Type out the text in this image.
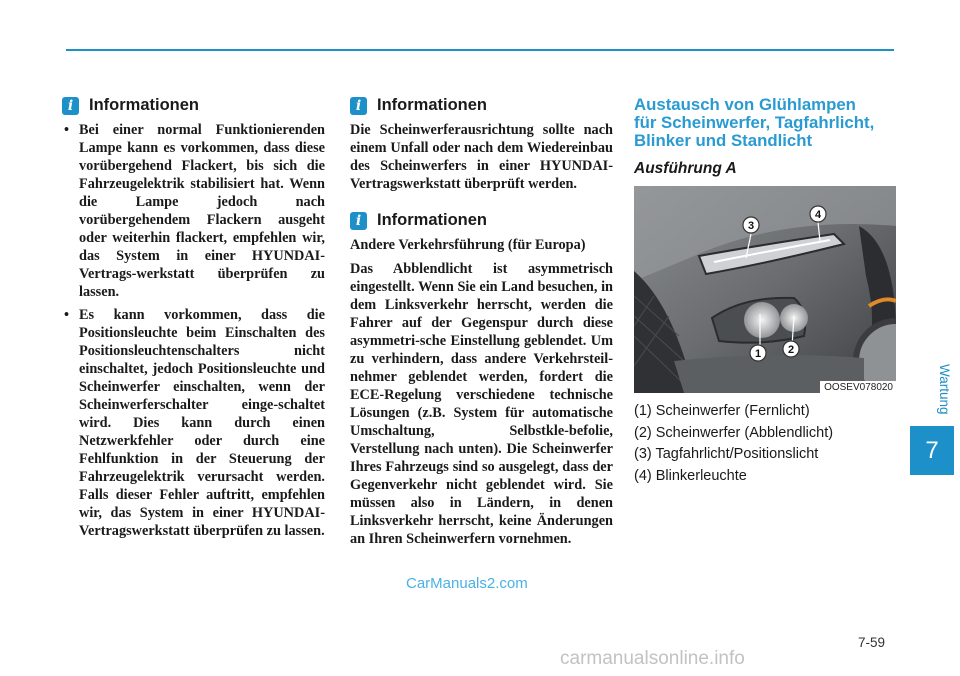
i Informationen
• Bei einer normal Funktionierenden Lampe kann es vorkommen, dass diese vorübergehend Flackert, bis sich die Fahrzeugelektrik stabilisiert hat. Wenn die Lampe jedoch nach vorübergehendem Flackern ausgeht oder weiterhin flackert, empfehlen wir, das System in einer HYUNDAI-Vertrags-werkstatt überprüfen zu lassen.
• Es kann vorkommen, dass die Positionsleuchte beim Einschalten des Positionsleuchtenschalters nicht einschaltet, jedoch Positionsleuchte und Scheinwerfer einschalten, wenn der Scheinwerferschalter einge-schaltet wird. Dies kann durch einen Netzwerkfehler oder durch eine Fehlfunktion in der Steuerung der Fahrzeugelektrik verursacht werden. Falls dieser Fehler auftritt, empfehlen wir, das System in einer HYUNDAI-Vertragswerkstatt überprüfen zu lassen.
i Informationen

Die Scheinwerferausrichtung sollte nach einem Unfall oder nach dem Wiedereinbau des Scheinwerfers in einer HYUNDAI-Vertragswerkstatt überprüft werden.

i Informationen

Andere Verkehrsführung (für Europa)

Das Abblendlicht ist asymmetrisch eingestellt. Wenn Sie ein Land besuchen, in dem Linksverkehr herrscht, werden die Fahrer auf der Gegenspur durch diese asymmetri-sche Einstellung geblendet. Um zu verhindern, dass andere Verkehrsteil-nehmer geblendet werden, fordert die ECE-Regelung verschiedene technische Lösungen (z.B. System für automatische Umschaltung, Selbstkle-befolie, Verstellung nach unten). Die Scheinwerfer Ihres Fahrzeugs sind so ausgelegt, dass der Gegenverkehr nicht geblendet wird. Sie müssen also in Ländern, in denen Linksverkehr herrscht, keine Änderungen an Ihren Scheinwerfern vornehmen.

Austausch von Glühlampen
für Scheinwerfer, Tagfahrlicht,
Blinker und Standlicht
Ausführung A
3
4
1 2
OOSEV078020
(1) Scheinwerfer (Fernlicht)
(2) Scheinwerfer (Abblendlicht)
(3) Tagfahrlicht/Positionslicht
(4) Blinkerleuchte
CarManuals2.com
Wartung
7
7-59
carmanualsonline.info
